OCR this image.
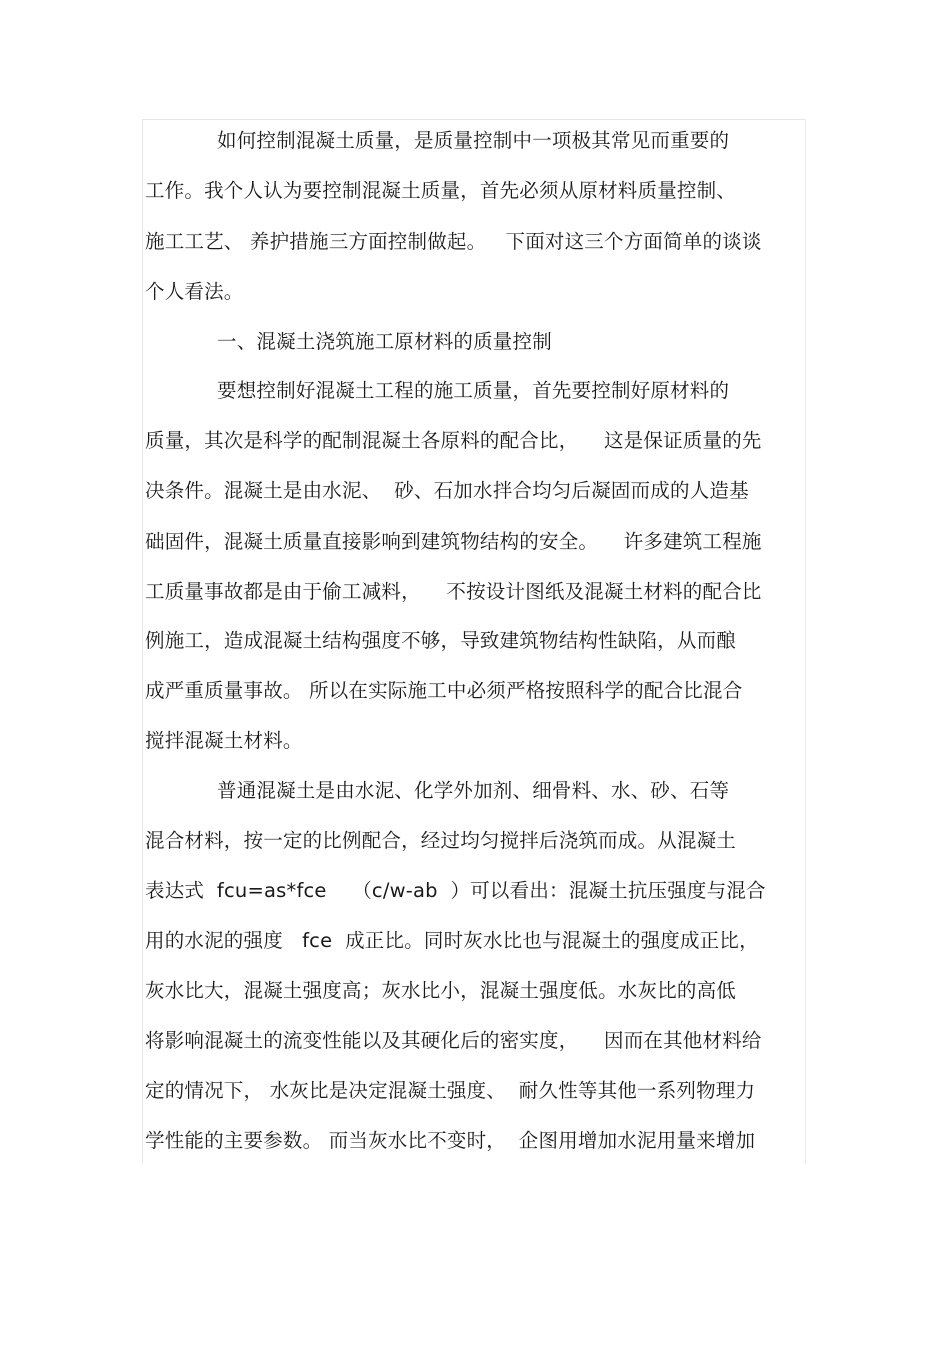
如何控制混凝土质量，是质量控制中一项极其常见而重要的
工作。我个人认为要控制混凝土质量，首先必须从原材料质量控制、
施工工艺、 养护措施三方面控制做起。   下面对这三个方面简单的谈谈
个人看法。
一、混凝土浇筑施工原材料的质量控制
要想控制好混凝土工程的施工质量，首先要控制好原材料的
质量，其次是科学的配制混凝土各原料的配合比，    这是保证质量的先
决条件。混凝土是由水泥、  砂、石加水拌合均匀后凝固而成的人造基
础固件，混凝土质量直接影响到建筑物结构的安全。    许多建筑工程施
工质量事故都是由于偷工减料，    不按设计图纸及混凝土材料的配合比
例施工，造成混凝土结构强度不够，导致建筑物结构性缺陷，从而酿
成严重质量事故。 所以在实际施工中必须严格按照科学的配合比混合
搅拌混凝土材料。
普通混凝土是由水泥、化学外加剂、细骨料、水、砂、石等
混合材料，按一定的比例配合，经过均匀搅拌后浇筑而成。从混凝土
表达式  fcu=as*fce    （c/w-ab  ）可以看出：混凝土抗压强度与混合
用的水泥的强度   fce  成正比。同时灰水比也与混凝土的强度成正比，
灰水比大，混凝土强度高；灰水比小，混凝土强度低。水灰比的高低
将影响混凝土的流变性能以及其硬化后的密实度，    因而在其他材料给
定的情况下， 水灰比是决定混凝土强度、  耐久性等其他一系列物理力
学性能的主要参数。 而当灰水比不变时，  企图用增加水泥用量来增加
